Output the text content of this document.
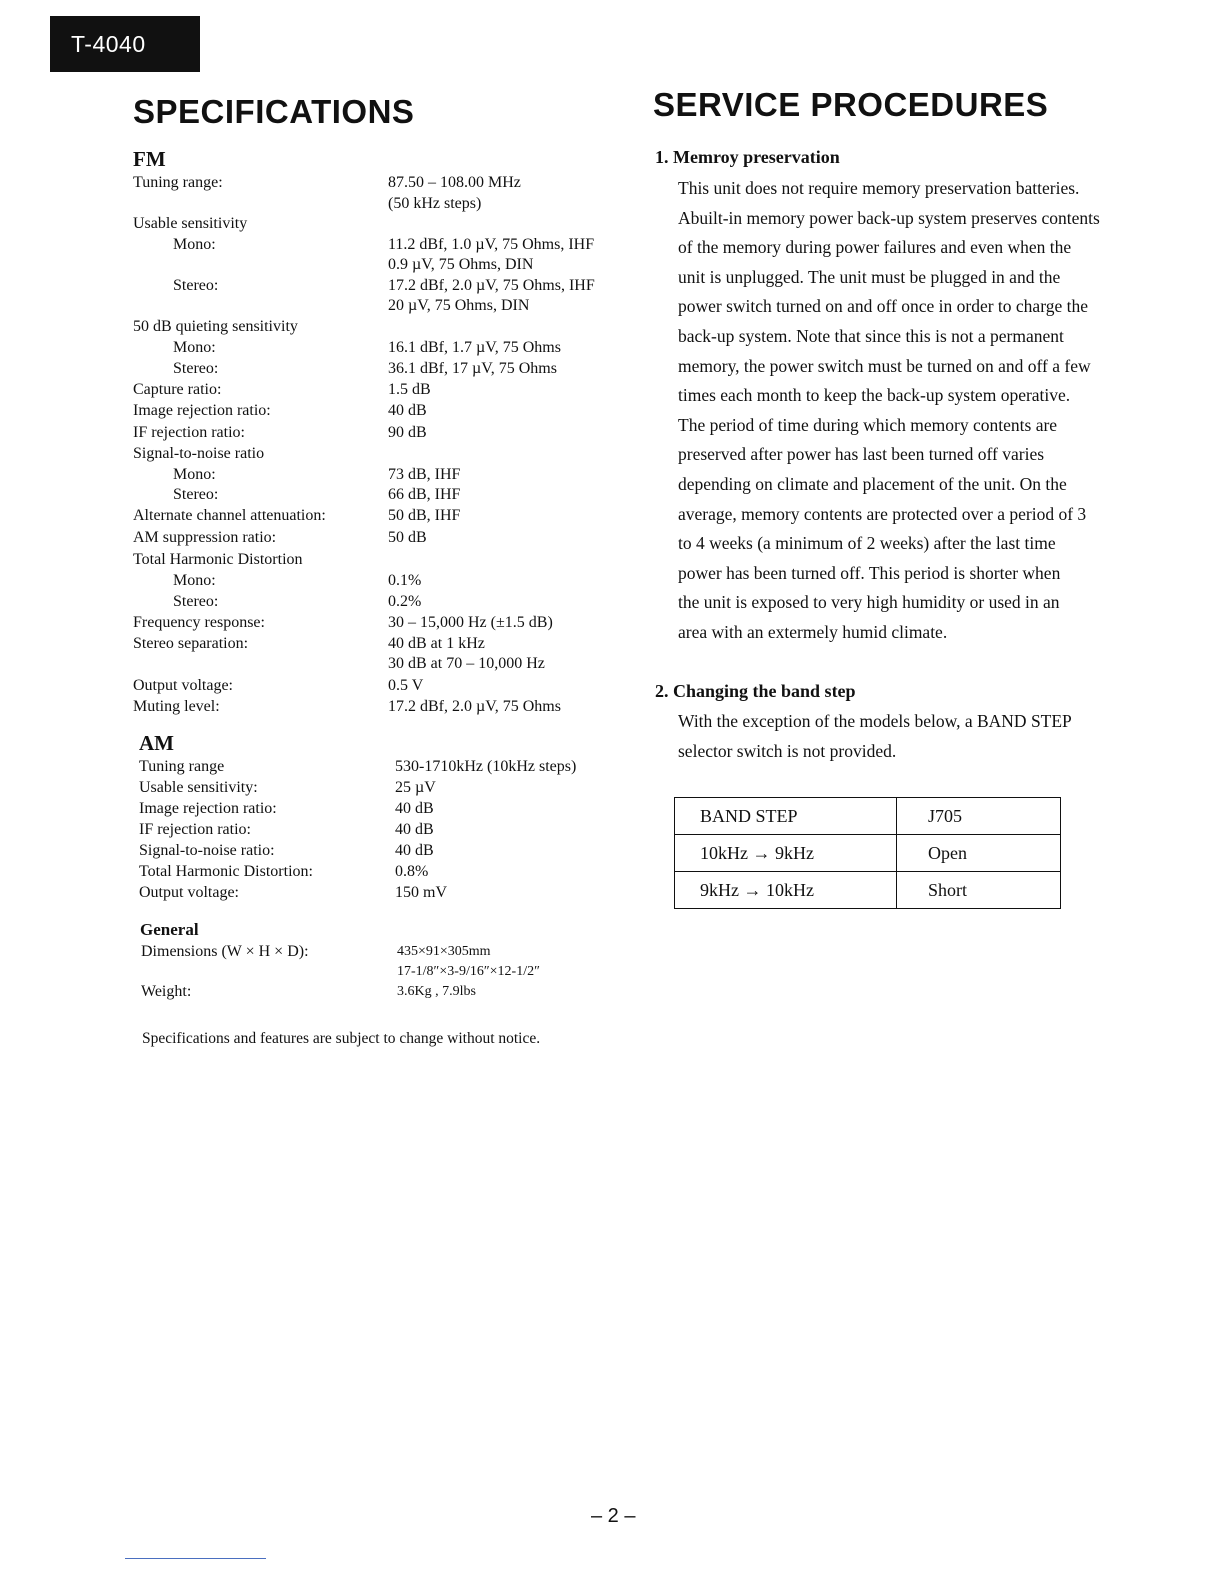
T-4040
SPECIFICATIONS	SERVICE PROCEDURES
FM
Tuning range:	87.50 – 108.00 MHz
(50 kHz steps)
Usable sensitivity
Mono:	11.2 dBf, 1.0 µV, 75 Ohms, IHF
0.9 µV, 75 Ohms, DIN
Stereo:	17.2 dBf, 2.0 µV, 75 Ohms, IHF
20 µV, 75 Ohms, DIN
50 dB quieting sensitivity
Mono:	16.1 dBf, 1.7 µV, 75 Ohms
Stereo:	36.1 dBf, 17 µV, 75 Ohms
Capture ratio:	1.5 dB
Image rejection ratio:	40 dB
IF rejection ratio:	90 dB
Signal-to-noise ratio
Mono:	73 dB, IHF
Stereo:	66 dB, IHF
Alternate channel attenuation:	50 dB, IHF
AM suppression ratio:	50 dB
Total Harmonic Distortion
Mono:	0.1%
Stereo:	0.2%
Frequency response:	30 – 15,000 Hz (±1.5 dB)
Stereo separation:	40 dB at 1 kHz
30 dB at 70 – 10,000 Hz
Output voltage:	0.5 V
Muting level:	17.2 dBf, 2.0 µV, 75 Ohms
AM
Tuning range	530-1710kHz (10kHz steps)
Usable sensitivity:	25 µV
Image rejection ratio:	40 dB
IF rejection ratio:	40 dB
Signal-to-noise ratio:	40 dB
Total Harmonic Distortion:	0.8%
Output voltage:	150 mV
General
Dimensions (W × H × D):	435×91×305mm
17-1/8″×3-9/16″×12-1/2″
Weight:	3.6Kg , 7.9lbs
Specifications and features are subject to change without notice.
1. Memroy preservation
This unit does not require memory preservation batteries.
Abuilt-in memory power back-up system preserves contents
of the memory during power failures and even when the
unit is unplugged. The unit must be plugged in and the
power switch turned on and off once in order to charge the
back-up system. Note that since this is not a permanent
memory, the power switch must be turned on and off a few
times each month to keep the back-up system operative.
The period of time during which memory contents are
preserved after power has last been turned off varies
depending on climate and placement of the unit. On the
average, memory contents are protected over a period of 3
to 4 weeks (a minimum of 2 weeks) after the last time
power has been turned off. This period is shorter when
the unit is exposed to very high humidity or used in an
area with an extermely humid climate.
2. Changing the band step
With the exception of the models below, a BAND STEP
selector switch is not provided.
BAND STEP	J705
10kHz → 9kHz	Open
9kHz → 10kHz	Short
– 2 –
